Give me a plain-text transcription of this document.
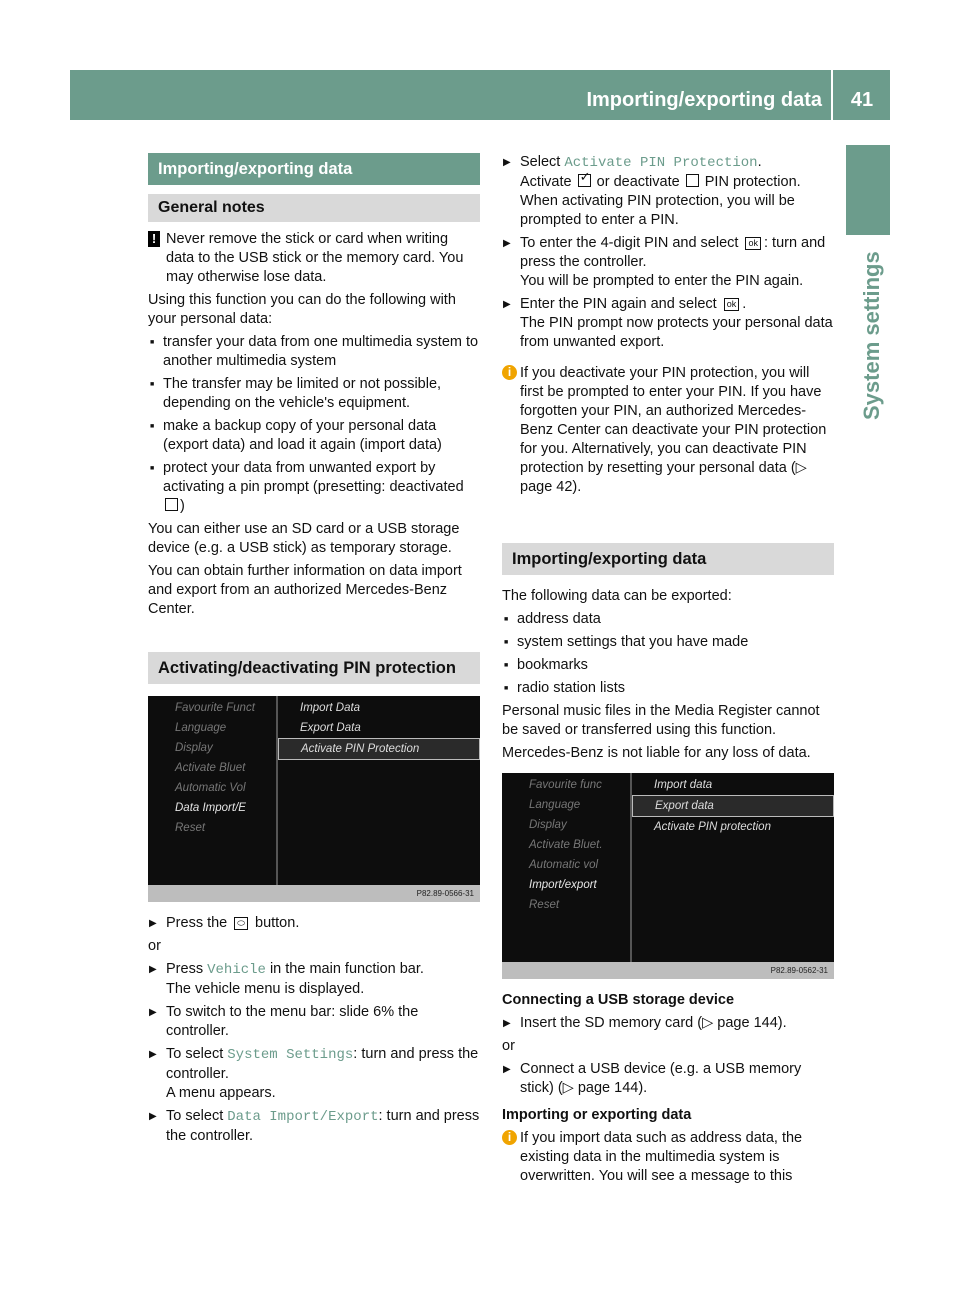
Importing/exporting data	41
System settings
Importing/exporting data
General notes

! Never remove the stick or card when writing data to the USB stick or the memory card. You may otherwise lose data.

Using this function you can do the following with your personal data:

■ transfer your data from one multimedia system to another multimedia system

■ The transfer may be limited or not possible, depending on the vehicle's equipment.

■ make a backup copy of your personal data (export data) and load it again (import data)

■ protect your data from unwanted export by activating a pin prompt (presetting: deactivated)

You can either use an SD card or a USB storage device (e.g. a USB stick) as temporary storage.

You can obtain further information on data import and export from an authorized Mercedes-Benz Center.

Activating/deactivating PIN protection
Favourite Funct
Language
Display
Activate Bluet
Automatic Vol
Data Import/E
Reset
Import Data
Export Data
Activate PIN Protection
P82.89-0566-31

▶ Press the ⬭ button.

or

▶ Press Vehicle in the main function bar.
The vehicle menu is displayed.

▶ To switch to the menu bar: slide 6% the controller.

▶ To select System Settings: turn and press the controller.
A menu appears.

▶ To select Data Import/Export: turn and press the controller.

▶ Select Activate PIN Protection.
Activate ✓ or deactivate PIN protection.
When activating PIN protection, you will be prompted to enter a PIN.

▶ To enter the 4-digit PIN and select ok : turn and press the controller.
You will be prompted to enter the PIN again.

▶ Enter the PIN again and select ok .
The PIN prompt now protects your personal data from unwanted export.

i If you deactivate your PIN protection, you will first be prompted to enter your PIN. If you have forgotten your PIN, an authorized Mercedes-Benz Center can deactivate your PIN protection for you. Alternatively, you can deactivate PIN protection by resetting your personal data (▷ page 42).

Importing/exporting data

The following data can be exported:

■ address data

■ system settings that you have made

■ bookmarks

■ radio station lists

Personal music files in the Media Register cannot be saved or transferred using this function.

Mercedes-Benz is not liable for any loss of data.

Favourite func
Language
Display
Activate Bluet.
Automatic vol
Import/export
Reset
Import data
Export data
Activate PIN protection
P82.89-0562-31

Connecting a USB storage device

▶ Insert the SD memory card (▷ page 144).

or

▶ Connect a USB device (e.g. a USB memory stick) (▷ page 144).

Importing or exporting data

i If you import data such as address data, the existing data in the multimedia system is overwritten. You will see a message to this
